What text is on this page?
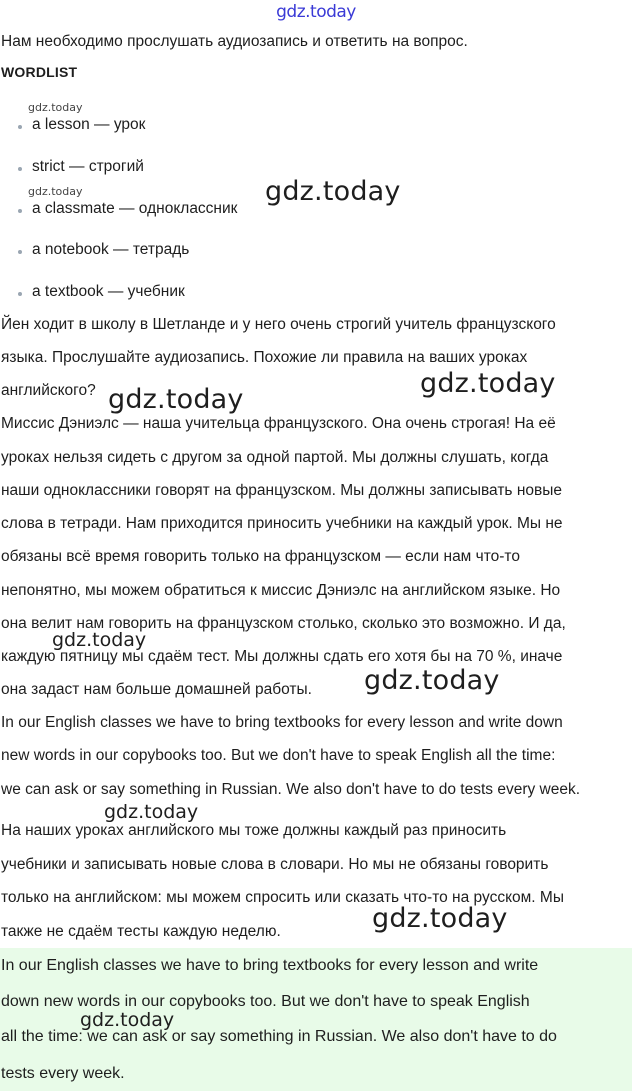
gdz.today
Нам необходимо прослушать аудиозапись и ответить на вопрос.
WORDLIST
a lesson — урок
strict — строгий
a classmate — одноклассник
a notebook — тетрадь
a textbook — учебник
Йен ходит в школу в Шетланде и у него очень строгий учитель французского
языка. Прослушайте аудиозапись. Похожие ли правила на ваших уроках
английского?
Миссис Дэниэлс — наша учительца французского. Она очень строгая! На её
уроках нельзя сидеть с другом за одной партой. Мы должны слушать, когда
наши одноклассники говорят на французском. Мы должны записывать новые
слова в тетради. Нам приходится приносить учебники на каждый урок. Мы не
обязаны всё время говорить только на французском — если нам что-то
непонятно, мы можем обратиться к миссис Дэниэлс на английском языке. Но
она велит нам говорить на французском столько, сколько это возможно. И да,
каждую пятницу мы сдаём тест. Мы должны сдать его хотя бы на 70 %, иначе
она задаст нам больше домашней работы.
In our English classes we have to bring textbooks for every lesson and write down
new words in our copybooks too. But we don't have to speak English all the time:
we can ask or say something in Russian. We also don't have to do tests every week.
На наших уроках английского мы тоже должны каждый раз приносить
учебники и записывать новые слова в словари. Но мы не обязаны говорить
только на английском: мы можем спросить или сказать что-то на русском. Мы
также не сдаём тесты каждую неделю.
In our English classes we have to bring textbooks for every lesson and write
down new words in our copybooks too. But we don't have to speak English
all the time: we can ask or say something in Russian. We also don't have to do
tests every week.
gdz.today
gdz.today	gdz.today
gdz.today
gdz.today
gdz.today
gdz.today
gdz.today
gdz.today
gdz.today
